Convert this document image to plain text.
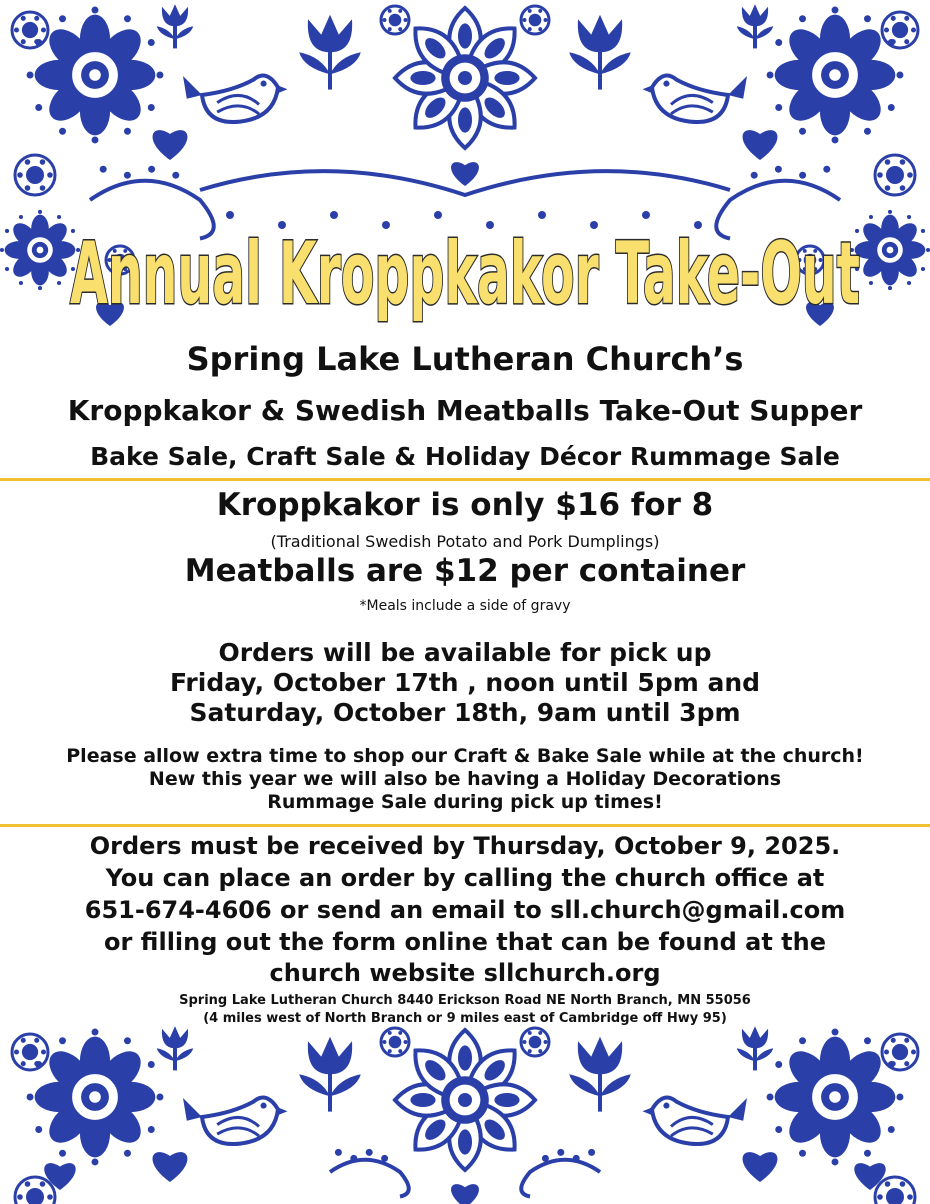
Annual Kroppkakor Take-Out

Spring Lake Lutheran Church’s

Kroppkakor & Swedish Meatballs Take-Out Supper

Bake Sale, Craft Sale & Holiday Décor Rummage Sale

Kroppkakor is only $16 for 8

(Traditional Swedish Potato and Pork Dumplings)

Meatballs are $12 per container

*Meals include a side of gravy

Orders will be available for pick up

Friday, October 17th , noon until 5pm and

Saturday, October 18th, 9am until 3pm

Please allow extra time to shop our Craft & Bake Sale while at the church!

New this year we will also be having a Holiday Decorations

Rummage Sale during pick up times!

Orders must be received by Thursday, October 9, 2025.

You can place an order by calling the church office at

651-674-4606 or send an email to sll.church@gmail.com

or filling out the form online that can be found at the

church website sllchurch.org

Spring Lake Lutheran Church 8440 Erickson Road NE North Branch, MN 55056

(4 miles west of North Branch or 9 miles east of Cambridge off Hwy 95)
